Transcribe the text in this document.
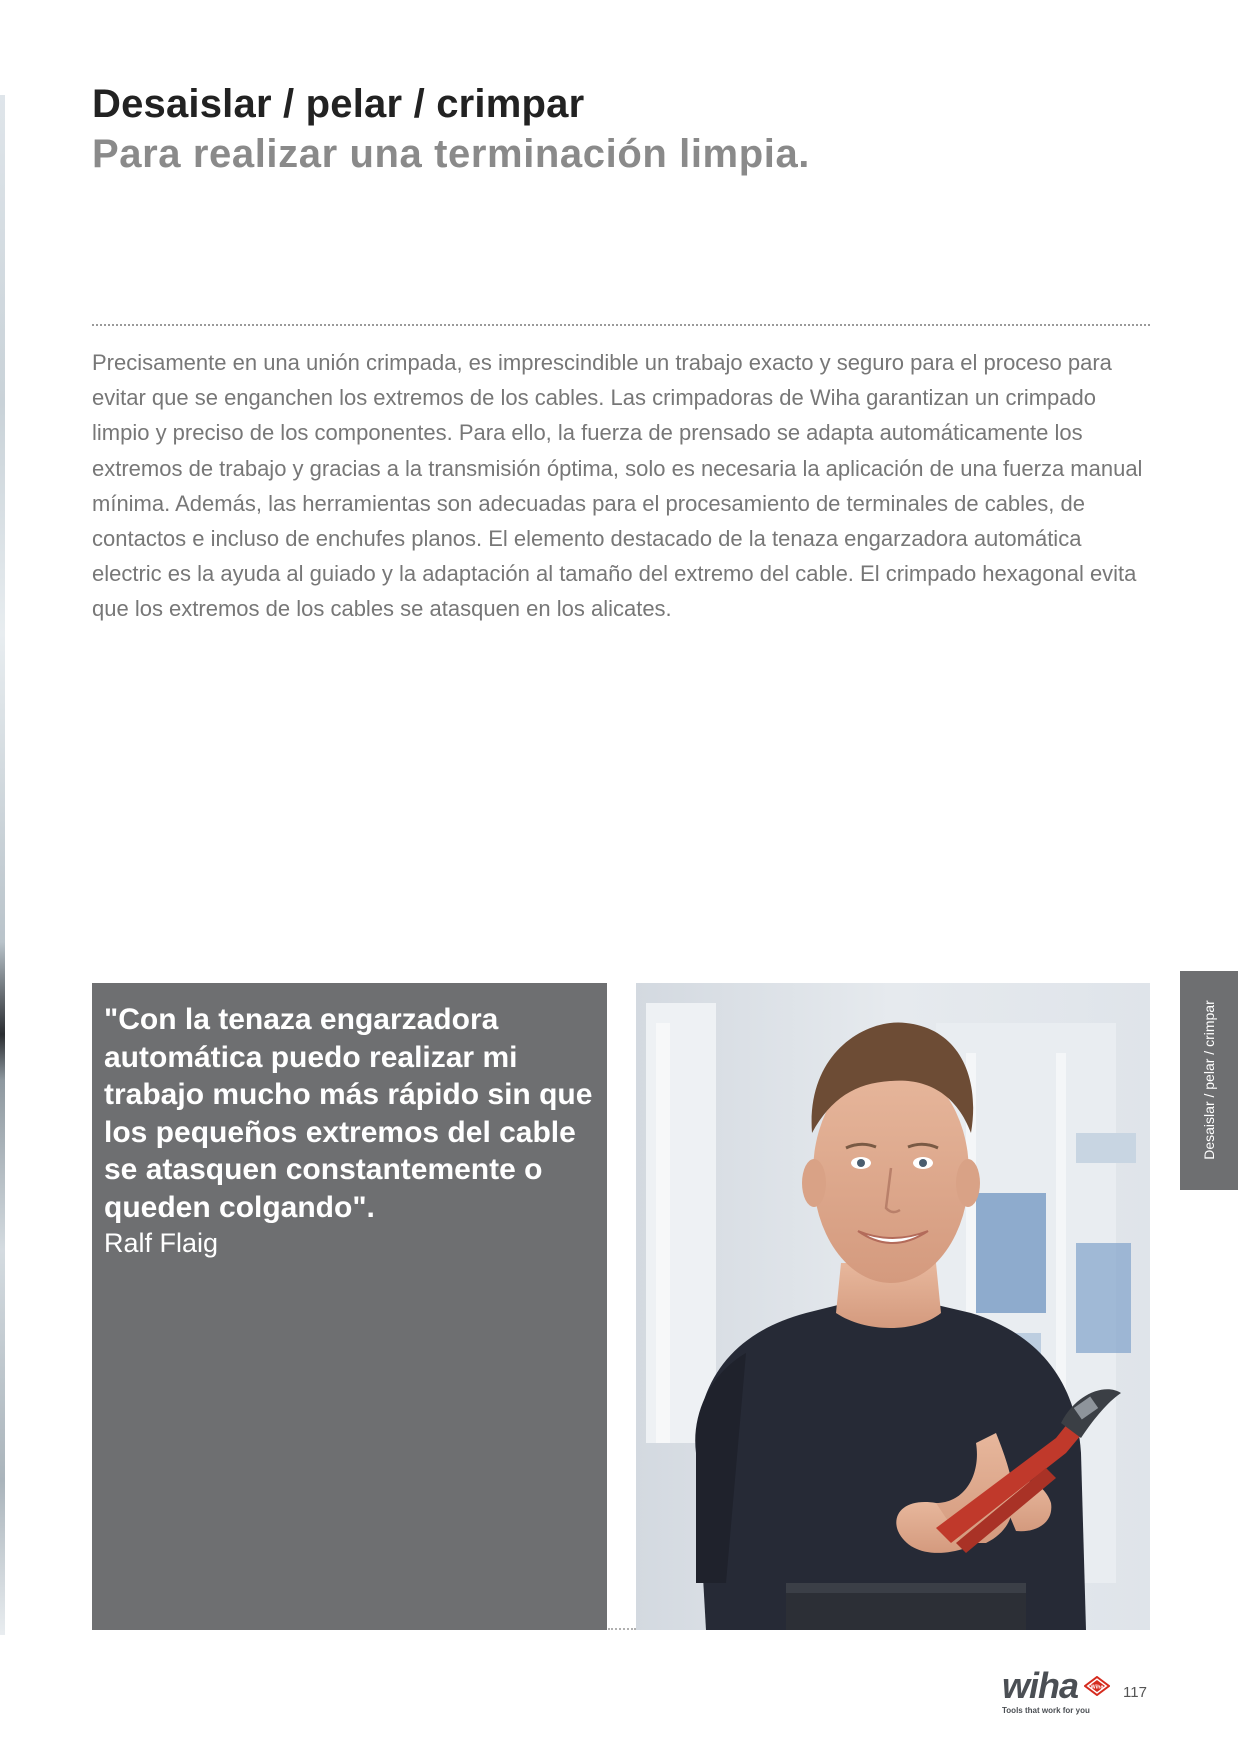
Desaislar / pelar / crimpar
Para realizar una terminación limpia.

Precisamente en una unión crimpada, es imprescindible un trabajo exacto y seguro para el proceso para evitar que se enganchen los extremos de los cables. Las crimpadoras de Wiha garantizan un crimpado limpio y preciso de los componentes. Para ello, la fuerza de prensado se adapta automáticamente los extremos de trabajo y gracias a la transmisión óptima, solo es necesaria la aplicación de una fuerza manual mínima. Además, las herramientas son adecuadas para el procesamiento de terminales de cables, de contactos e incluso de enchufes planos. El elemento destacado de la tenaza engarzadora automática electric es la ayuda al guiado y la adaptación al tamaño del extremo del cable. El crimpado hexagonal evita que los extremos de los cables se atasquen en los alicates.

"Con la tenaza engarzadora automática puedo realizar mi trabajo mucho más rápido sin que los pequeños extremos del cable se atasquen constantemente o queden colgando".

Ralf Flaig

Desaislar / pelar / crimpar
wiha Wiha
Tools that work for you
117
